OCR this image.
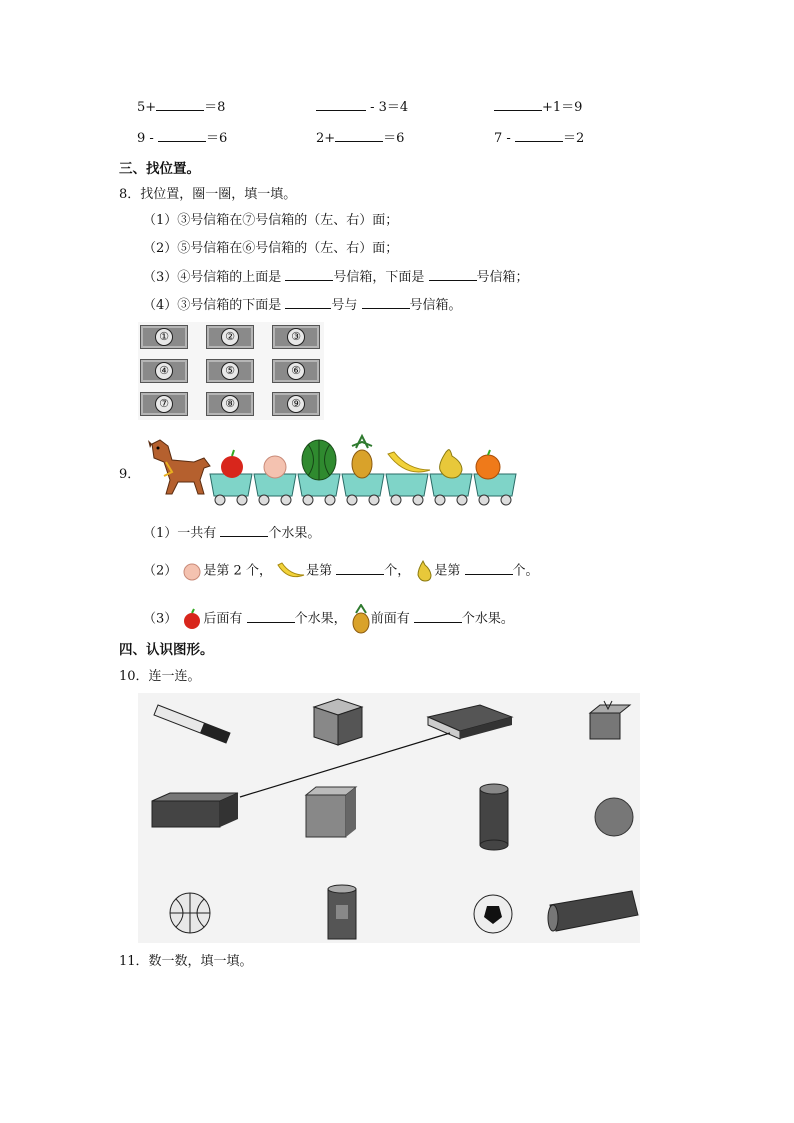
5+	＝8	- 3＝4	+1＝9
9 -	＝6	2+	＝6	7 -	＝2
三、找位置。
8．找位置，圈一圈，填一填。
（1）③号信箱在⑦号信箱的（左、右）面；
（2）⑤号信箱在⑥号信箱的（左、右）面；
（3）④号信箱的上面是	号信箱，下面是	号信箱；
（4）③号信箱的下面是	号与	号信箱。
①	②	③
④	⑤	⑥
⑦	⑧	⑨
9．
（1）一共有	个水果。
（2） 是第 2 个，	是第	个， 是第	个。
（3） 后面有	个水果， 前面有	个水果。
四、认识图形。
10．连一连。
11．数一数，填一填。
